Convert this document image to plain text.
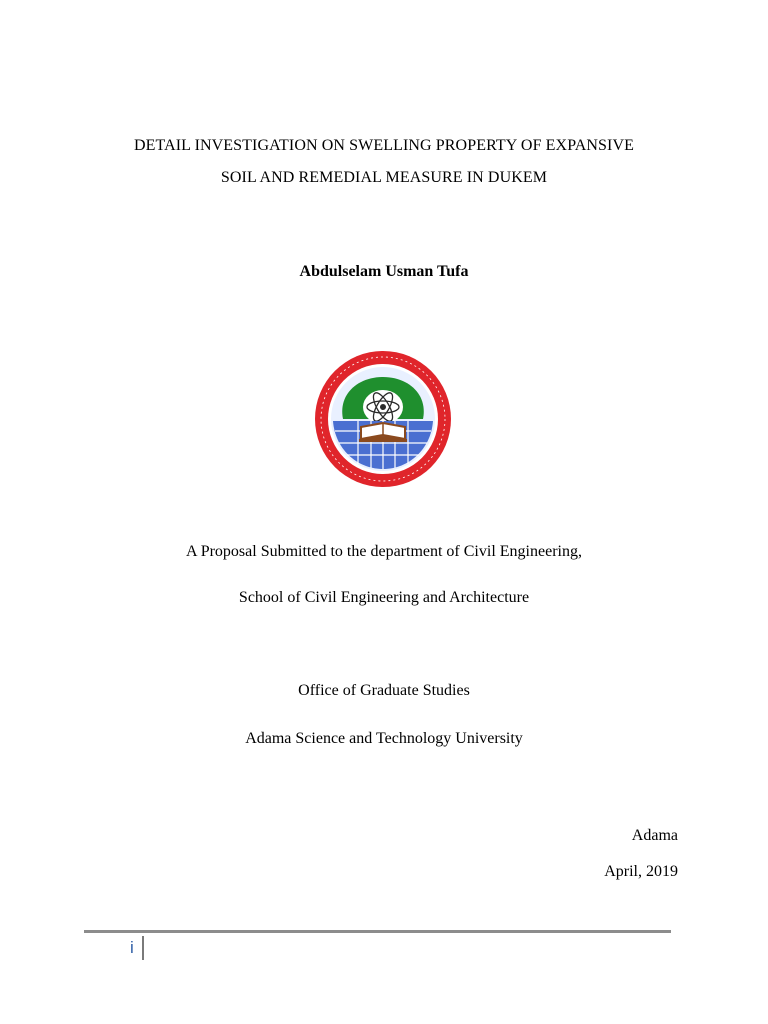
DETAIL INVESTIGATION ON SWELLING PROPERTY OF EXPANSIVE
SOIL AND REMEDIAL MEASURE IN DUKEM
Abdulselam Usman Tufa
A Proposal Submitted to the department of Civil Engineering,
School of Civil Engineering and Architecture
Office of Graduate Studies
Adama Science and Technology University
Adama
April, 2019
i
